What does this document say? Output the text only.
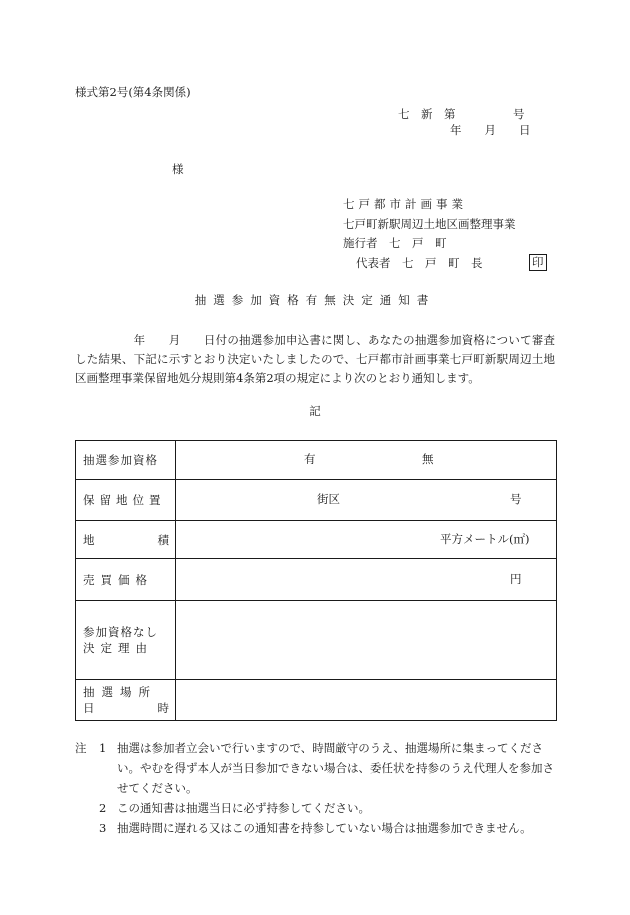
様式第2号(第4条関係)
七　新　第　　　　　号
年　　月　　日
様
七戸都市計画事業
七戸町新駅周辺土地区画整理事業
施行者　七　戸　町
代表者　七　戸　町　長	印
抽選参加資格有無決定通知書
　　　　　年　　月　　日付の抽選参加申込書に関し、あなたの抽選参加資格について審査した結果、下記に示すとおり決定いたしましたので、七戸都市計画事業七戸町新駅周辺土地区画整理事業保留地処分規則第4条第2項の規定により次のとおり通知します。
記
抽選参加資格	有 無

保留地位置	街区 号

地 積	平方メートル(㎡)

売買価格	円

参加資格なし
決定理由	

抽選場所
日 時	

注 1 抽選は参加者立会いで行いますので、時間厳守のうえ、抽選場所に集まってください。やむを得ず本人が当日参加できない場合は、委任状を持参のうえ代理人を参加させてください。
2 この通知書は抽選当日に必ず持参してください。
3 抽選時間に遅れる又はこの通知書を持参していない場合は抽選参加できません。
